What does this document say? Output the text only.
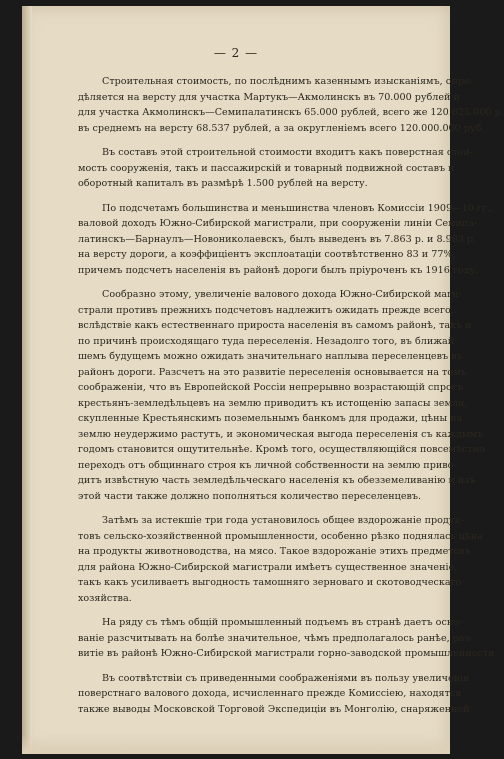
— 2 —
Строительная стоимость, по послѣднимъ казеннымъ изысканіямъ, опре-
дѣляется на версту для участка Мартукъ—Акмолинскъ въ 70.000 рублей и
для участка Акмолинскъ—Семипалатинскъ 65.000 рублей, всего же 120.625.000 р.
въ среднемъ на версту 68.537 рублей, а за округленіемъ всего 120.000.000 руб.
Въ составъ этой строительной стоимости входитъ какъ поверстная стои-
мость сооруженія, такъ и пассажирскій и товарный подвижной составъ и
оборотный капиталъ въ размѣрѣ 1.500 рублей на версту.
По подсчетамъ большинства и меньшинства членовъ Комиссіи 1909—10 гг.,
валовой доходъ Южно-Сибирской магистрали, при сооруженіи линіи Семипа-
латинскъ—Барнаулъ—Новониколаевскъ, былъ выведенъ въ 7.863 р. и 8.983 р.
на версту дороги, а коэффиціентъ эксплоатаціи соотвѣтственно 83 и 77%,
причемъ подсчетъ населенія въ районѣ дороги былъ пріуроченъ къ 1916 году.
Сообразно этому, увеличеніе валового дохода Южно-Сибирской маги-
страли противъ прежнихъ подсчетовъ надлежитъ ожидать прежде всего,
вслѣдствіе какъ естественнаго прироста населенія въ самомъ районѣ, такъ и
по причинѣ происходящаго туда переселенія. Незадолго того, въ ближай-
шемъ будущемъ можно ожидать значительнаго наплыва переселенцевъ въ
районъ дороги. Разсчетъ на это развитіе переселенія основывается на томъ
соображеніи, что въ Европейской Россіи непрерывно возрастающій спросъ
крестьянъ-земледѣльцевъ на землю приводитъ къ истощенію запасы земли,
скупленные Крестьянскимъ поземельнымъ банкомъ для продажи, цѣны на
землю неудержимо растутъ, и экономическая выгода переселенія съ каждымъ
годомъ становится ощутительнѣе. Кромѣ того, осуществляющійся повсемѣстно
переходъ отъ общиннаго строя къ личной собственности на землю приво-
дитъ извѣстную часть земледѣльческаго населенія къ обезземеливанію и изъ
этой части также должно пополняться количество переселенцевъ.
Затѣмъ за истекшіе три года установилось общее вздорожаніе продук-
товъ сельско-хозяйственной промышленности, особенно рѣзко поднялась цѣна
на продукты животноводства, на мясо. Такое вздорожаніе этихъ предметовъ
для района Южно-Сибирской магистрали имѣетъ существенное значеніе,
такъ какъ усиливаетъ выгодность тамошняго зерноваго и скотоводческаго
хозяйства.
На ряду съ тѣмъ общій промышленный подъемъ въ странѣ даетъ осно-
ваніе разсчитывать на болѣе значительное, чѣмъ предполагалось ранѣе, раз-
витіе въ районѣ Южно-Сибирской магистрали горно-заводской промышленности.
Въ соотвѣтствіи съ приведенными соображеніями въ пользу увеличенія
поверстнаго валового дохода, исчисленнаго прежде Комиссіею, находятся
также выводы Московской Торговой Экспедиціи въ Монголію, снаряженной
